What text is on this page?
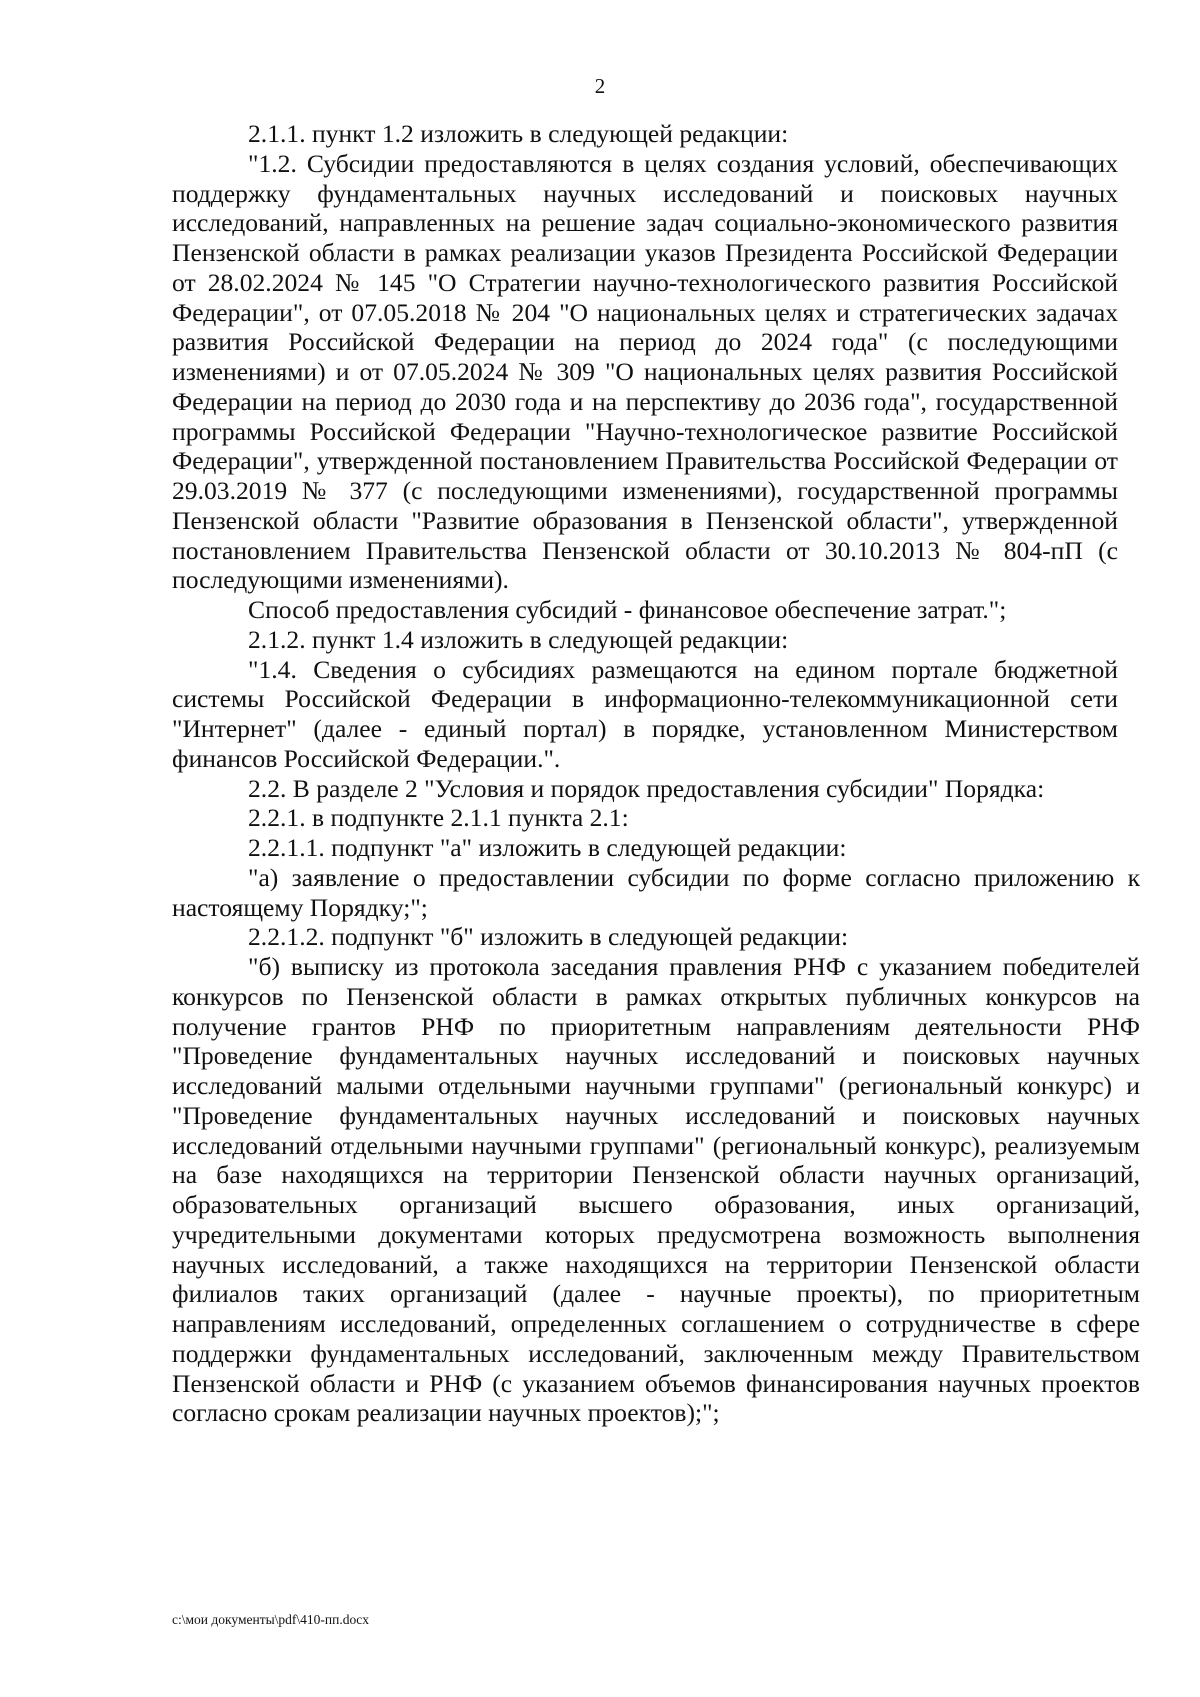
2

2.1.1. пункт 1.2 изложить в следующей редакции:

"1.2. Субсидии предоставляются в целях создания условий, обеспечивающих поддержку фундаментальных научных исследований и поисковых научных исследований, направленных на решение задач социально-экономического развития Пензенской области в рамках реализации указов Президента Российской Федерации от 28.02.2024 № 145 "О Стратегии научно-технологического развития Российской Федерации", от 07.05.2018 № 204 "О национальных целях и стратегических задачах развития Российской Федерации на период до 2024 года" (с последующими изменениями) и от 07.05.2024 № 309 "О национальных целях развития Российской Федерации на период до 2030 года и на перспективу до 2036 года", государственной программы Российской Федерации "Научно-технологическое развитие Российской Федерации", утвержденной постановлением Правительства Российской Федерации от 29.03.2019 № 377 (с последующими изменениями), государственной программы Пензенской области "Развитие образования в Пензенской области", утвержденной постановлением Правительства Пензенской области от 30.10.2013 № 804-пП (с последующими изменениями).

Способ предоставления субсидий - финансовое обеспечение затрат.";

2.1.2. пункт 1.4 изложить в следующей редакции:

"1.4. Сведения о субсидиях размещаются на едином портале бюджетной системы Российской Федерации в информационно-телекоммуникационной сети "Интернет" (далее - единый портал) в порядке, установленном Министерством финансов Российской Федерации.".

2.2. В разделе 2 "Условия и порядок предоставления субсидии" Порядка:

2.2.1. в подпункте 2.1.1 пункта 2.1:

2.2.1.1. подпункт "а" изложить в следующей редакции:

"а) заявление о предоставлении субсидии по форме согласно приложению к настоящему Порядку;";

2.2.1.2. подпункт "б" изложить в следующей редакции:

"б) выписку из протокола заседания правления РНФ с указанием победителей конкурсов по Пензенской области в рамках открытых публичных конкурсов на получение грантов РНФ по приоритетным направлениям деятельности РНФ "Проведение фундаментальных научных исследований и поисковых научных исследований малыми отдельными научными группами" (региональный конкурс) и "Проведение фундаментальных научных исследований и поисковых научных исследований отдельными научными группами" (региональный конкурс), реализуемым на базе находящихся на территории Пензенской области научных организаций, образовательных организаций высшего образования, иных организаций, учредительными документами которых предусмотрена возможность выполнения научных исследований, а также находящихся на территории Пензенской области филиалов таких организаций (далее - научные проекты), по приоритетным направлениям исследований, определенных соглашением о сотрудничестве в сфере поддержки фундаментальных исследований, заключенным между Правительством Пензенской области и РНФ (с указанием объемов финансирования научных проектов согласно срокам реализации научных проектов);";

c:\мои документы\pdf\410-пп.docx
